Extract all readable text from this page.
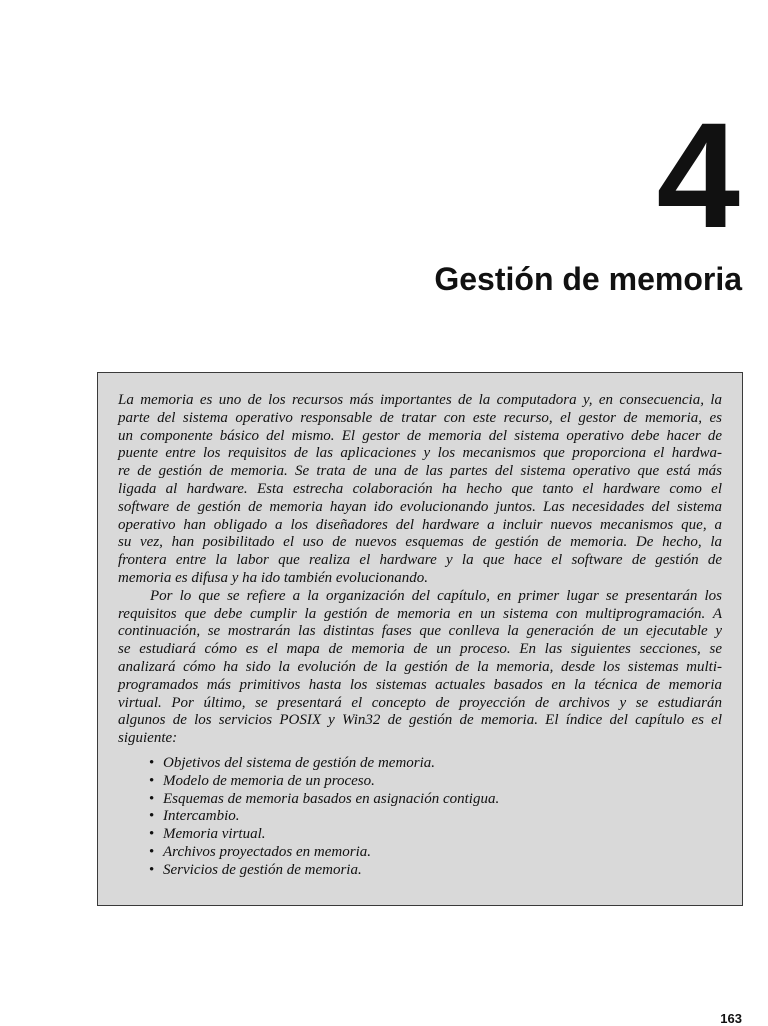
4
Gestión de memoria
La memoria es uno de los recursos más importantes de la computadora y, en consecuencia, la
parte del sistema operativo responsable de tratar con este recurso, el gestor de memoria, es
un componente básico del mismo. El gestor de memoria del sistema operativo debe hacer de
puente entre los requisitos de las aplicaciones y los mecanismos que proporciona el hardwa-
re de gestión de memoria. Se trata de una de las partes del sistema operativo que está más
ligada al hardware. Esta estrecha colaboración ha hecho que tanto el hardware como el
software de gestión de memoria hayan ido evolucionando juntos. Las necesidades del sistema
operativo han obligado a los diseñadores del hardware a incluir nuevos mecanismos que, a
su vez, han posibilitado el uso de nuevos esquemas de gestión de memoria. De hecho, la
frontera entre la labor que realiza el hardware y la que hace el software de gestión de
memoria es difusa y ha ido también evolucionando.
Por lo que se refiere a la organización del capítulo, en primer lugar se presentarán los
requisitos que debe cumplir la gestión de memoria en un sistema con multiprogramación. A
continuación, se mostrarán las distintas fases que conlleva la generación de un ejecutable y
se estudiará cómo es el mapa de memoria de un proceso. En las siguientes secciones, se
analizará cómo ha sido la evolución de la gestión de la memoria, desde los sistemas multi-
programados más primitivos hasta los sistemas actuales basados en la técnica de memoria
virtual. Por último, se presentará el concepto de proyección de archivos y se estudiarán
algunos de los servicios POSIX y Win32 de gestión de memoria. El índice del capítulo es el
siguiente:
• Objetivos del sistema de gestión de memoria.
• Modelo de memoria de un proceso.
• Esquemas de memoria basados en asignación contigua.
• Intercambio.
• Memoria virtual.
• Archivos proyectados en memoria.
• Servicios de gestión de memoria.
163
